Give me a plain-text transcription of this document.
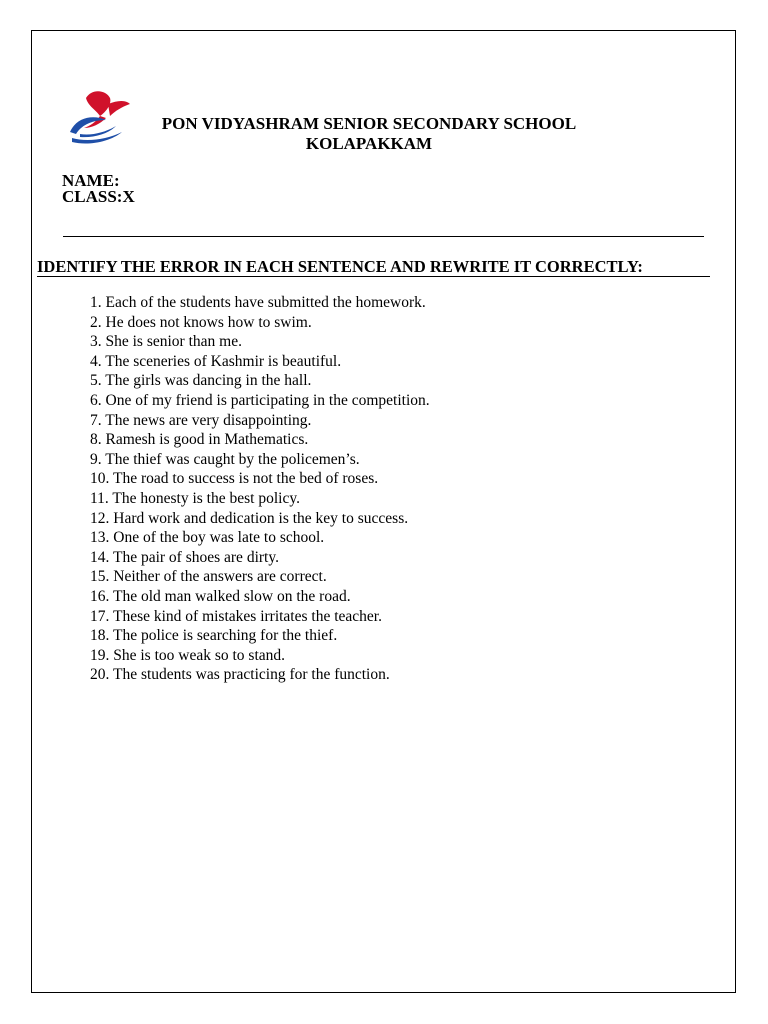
PON VIDYASHRAM SENIOR SECONDARY SCHOOL
KOLAPAKKAM
NAME:
CLASS:X
IDENTIFY THE ERROR IN EACH SENTENCE AND REWRITE IT CORRECTLY:
1. Each of the students have submitted the homework.
2. He does not knows how to swim.
3. She is senior than me.
4. The sceneries of Kashmir is beautiful.
5. The girls was dancing in the hall.
6. One of my friend is participating in the competition.
7. The news are very disappointing.
8. Ramesh is good in Mathematics.
9. The thief was caught by the policemen’s.
10. The road to success is not the bed of roses.
11. The honesty is the best policy.
12. Hard work and dedication is the key to success.
13. One of the boy was late to school.
14. The pair of shoes are dirty.
15. Neither of the answers are correct.
16. The old man walked slow on the road.
17. These kind of mistakes irritates the teacher.
18. The police is searching for the thief.
19. She is too weak so to stand.
20. The students was practicing for the function.
